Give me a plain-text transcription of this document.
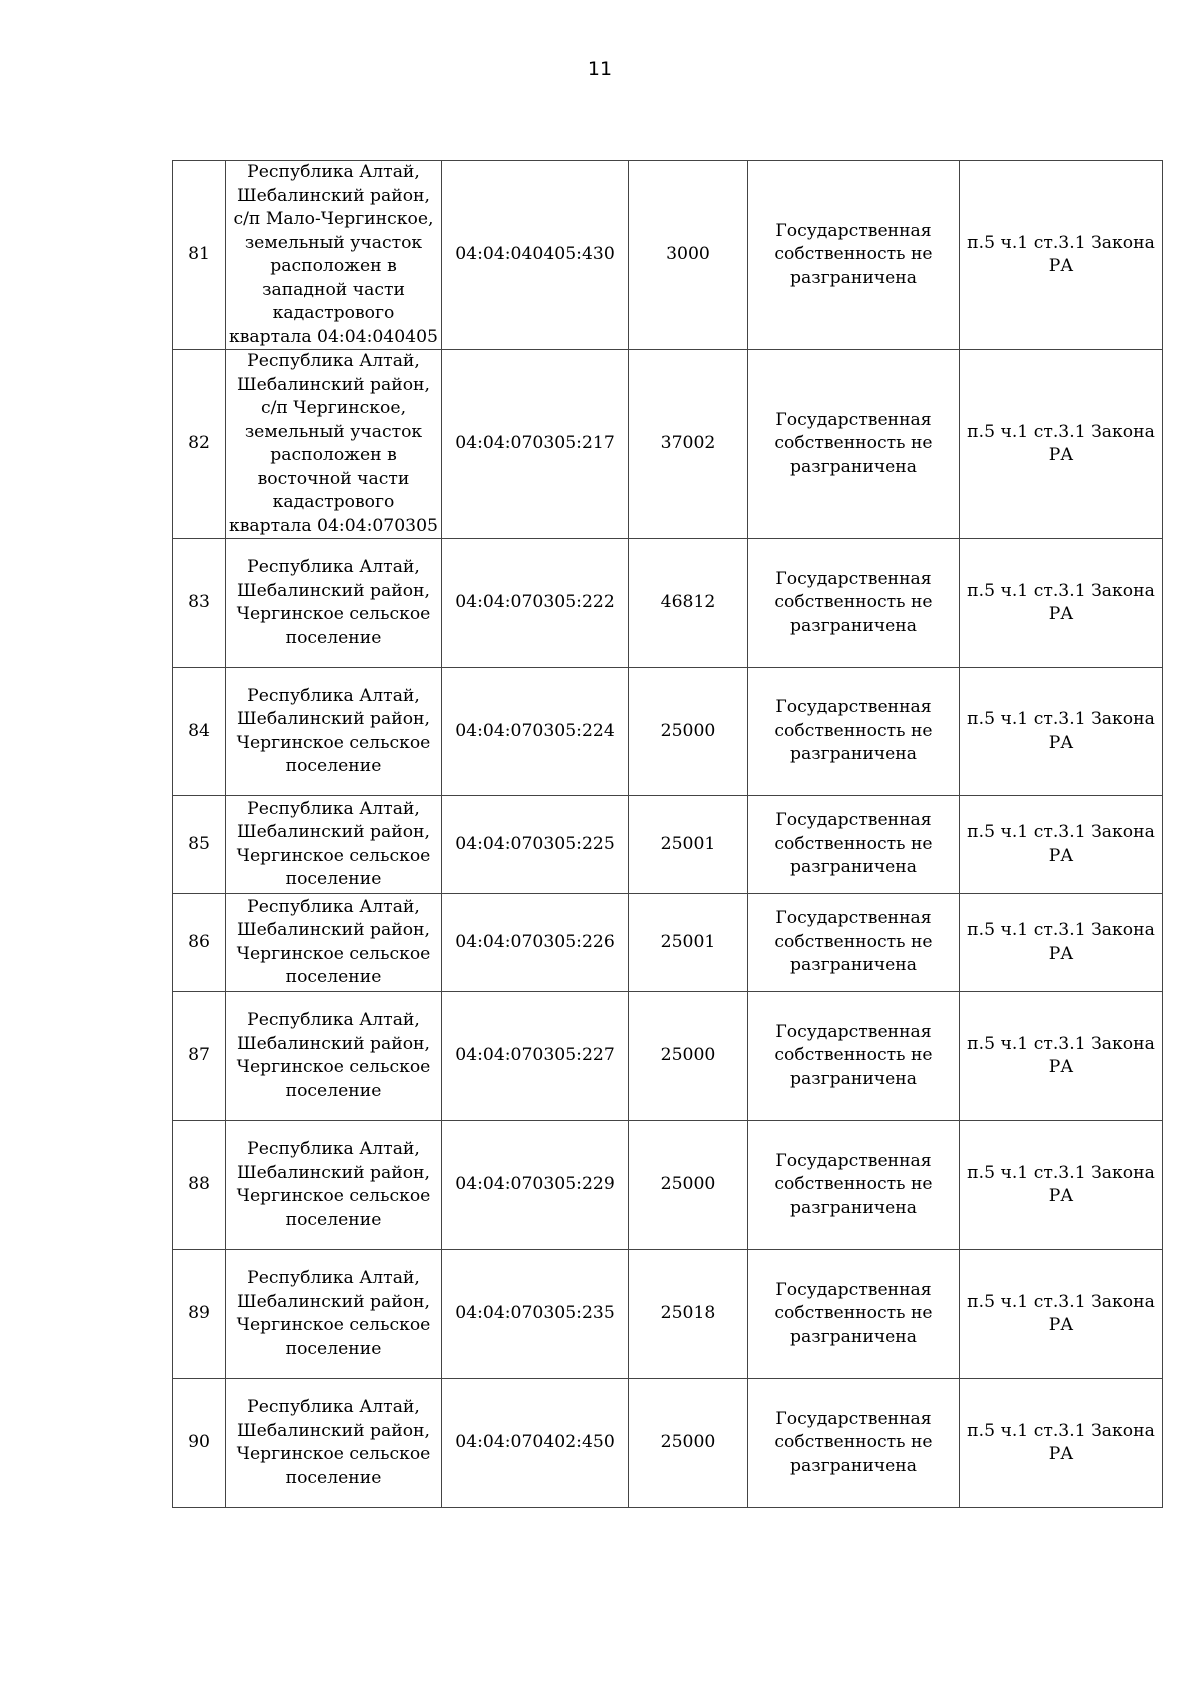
11
81	Республика Алтай, Шебалинский район, с/п Мало-Чергинское, земельный участок расположен в западной части кадастрового квартала 04:04:040405	04:04:040405:430	3000	Государственная собственность не разграничена	п.5 ч.1 ст.3.1 Закона РА
82	Республика Алтай, Шебалинский район, с/п Чергинское, земельный участок расположен в восточной части кадастрового квартала 04:04:070305	04:04:070305:217	37002	Государственная собственность не разграничена	п.5 ч.1 ст.3.1 Закона РА
83	Республика Алтай, Шебалинский район, Чергинское сельское поселение	04:04:070305:222	46812	Государственная собственность не разграничена	п.5 ч.1 ст.3.1 Закона РА
84	Республика Алтай, Шебалинский район, Чергинское сельское поселение	04:04:070305:224	25000	Государственная собственность не разграничена	п.5 ч.1 ст.3.1 Закона РА
85	Республика Алтай, Шебалинский район, Чергинское сельское поселение	04:04:070305:225	25001	Государственная собственность не разграничена	п.5 ч.1 ст.3.1 Закона РА
86	Республика Алтай, Шебалинский район, Чергинское сельское поселение	04:04:070305:226	25001	Государственная собственность не разграничена	п.5 ч.1 ст.3.1 Закона РА
87	Республика Алтай, Шебалинский район, Чергинское сельское поселение	04:04:070305:227	25000	Государственная собственность не разграничена	п.5 ч.1 ст.3.1 Закона РА
88	Республика Алтай, Шебалинский район, Чергинское сельское поселение	04:04:070305:229	25000	Государственная собственность не разграничена	п.5 ч.1 ст.3.1 Закона РА
89	Республика Алтай, Шебалинский район, Чергинское сельское поселение	04:04:070305:235	25018	Государственная собственность не разграничена	п.5 ч.1 ст.3.1 Закона РА
90	Республика Алтай, Шебалинский район, Чергинское сельское поселение	04:04:070402:450	25000	Государственная собственность не разграничена	п.5 ч.1 ст.3.1 Закона РА
